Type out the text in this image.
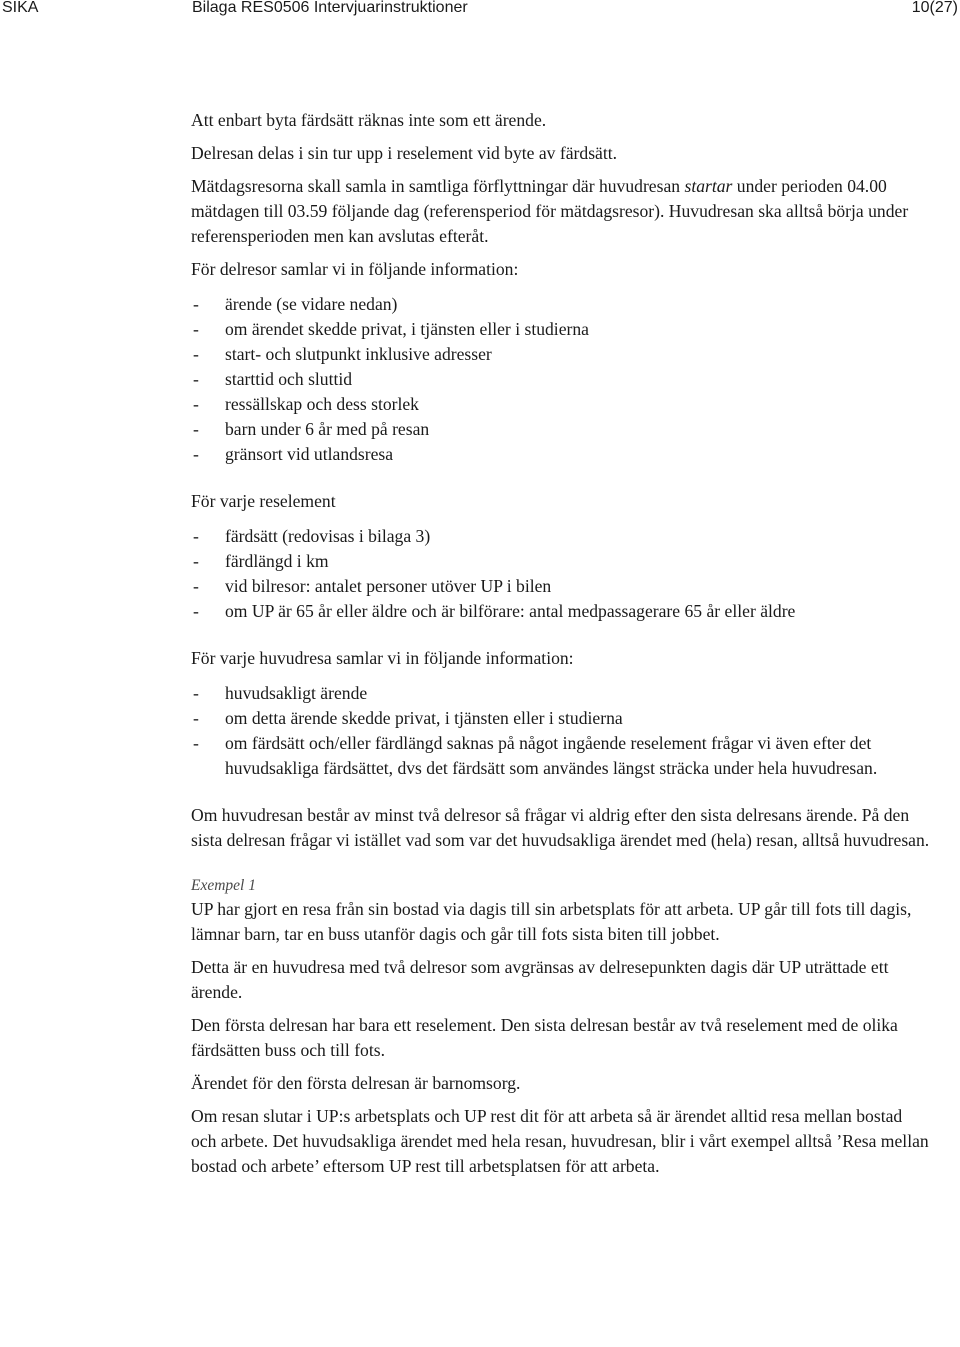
SIKA	Bilaga RES0506 Intervjuarinstruktioner	10(27)

Att enbart byta färdsätt räknas inte som ett ärende.

Delresan delas i sin tur upp i reselement vid byte av färdsätt.

Mätdagsresorna skall samla in samtliga förflyttningar där huvudresan startar under perioden 04.00 mätdagen till 03.59 följande dag (referensperiod för mätdagsresor). Huvudresan ska alltså börja under referensperioden men kan avslutas efteråt.

För delresor samlar vi in följande information:

- ärende (se vidare nedan)
- om ärendet skedde privat, i tjänsten eller i studierna
- start- och slutpunkt inklusive adresser
- starttid och sluttid
- ressällskap och dess storlek
- barn under 6 år med på resan
- gränsort vid utlandsresa

För varje reselement

- färdsätt (redovisas i bilaga 3)
- färdlängd i km
- vid bilresor: antalet personer utöver UP i bilen
- om UP är 65 år eller äldre och är bilförare: antal medpassagerare 65 år eller äldre

För varje huvudresa samlar vi in följande information:

- huvudsakligt ärende
- om detta ärende skedde privat, i tjänsten eller i studierna
- om färdsätt och/eller färdlängd saknas på något ingående reselement frågar vi även efter det huvudsakliga färdsättet, dvs det färdsätt som användes längst sträcka under hela huvudresan.

Om huvudresan består av minst två delresor så frågar vi aldrig efter den sista delresans ärende. På den sista delresan frågar vi istället vad som var det huvudsakliga ärendet med (hela) resan, alltså huvudresan.

Exempel 1

UP har gjort en resa från sin bostad via dagis till sin arbetsplats för att arbeta. UP går till fots till dagis, lämnar barn, tar en buss utanför dagis och går till fots sista biten till jobbet.

Detta är en huvudresa med två delresor som avgränsas av delresepunkten dagis där UP uträttade ett ärende.

Den första delresan har bara ett reselement. Den sista delresan består av två reselement med de olika färdsätten buss och till fots.

Ärendet för den första delresan är barnomsorg.

Om resan slutar i UP:s arbetsplats och UP rest dit för att arbeta så är ärendet alltid resa mellan bostad och arbete. Det huvudsakliga ärendet med hela resan, huvudresan, blir i vårt exempel alltså ’Resa mellan bostad och arbete’ eftersom UP rest till arbetsplatsen för att arbeta.
